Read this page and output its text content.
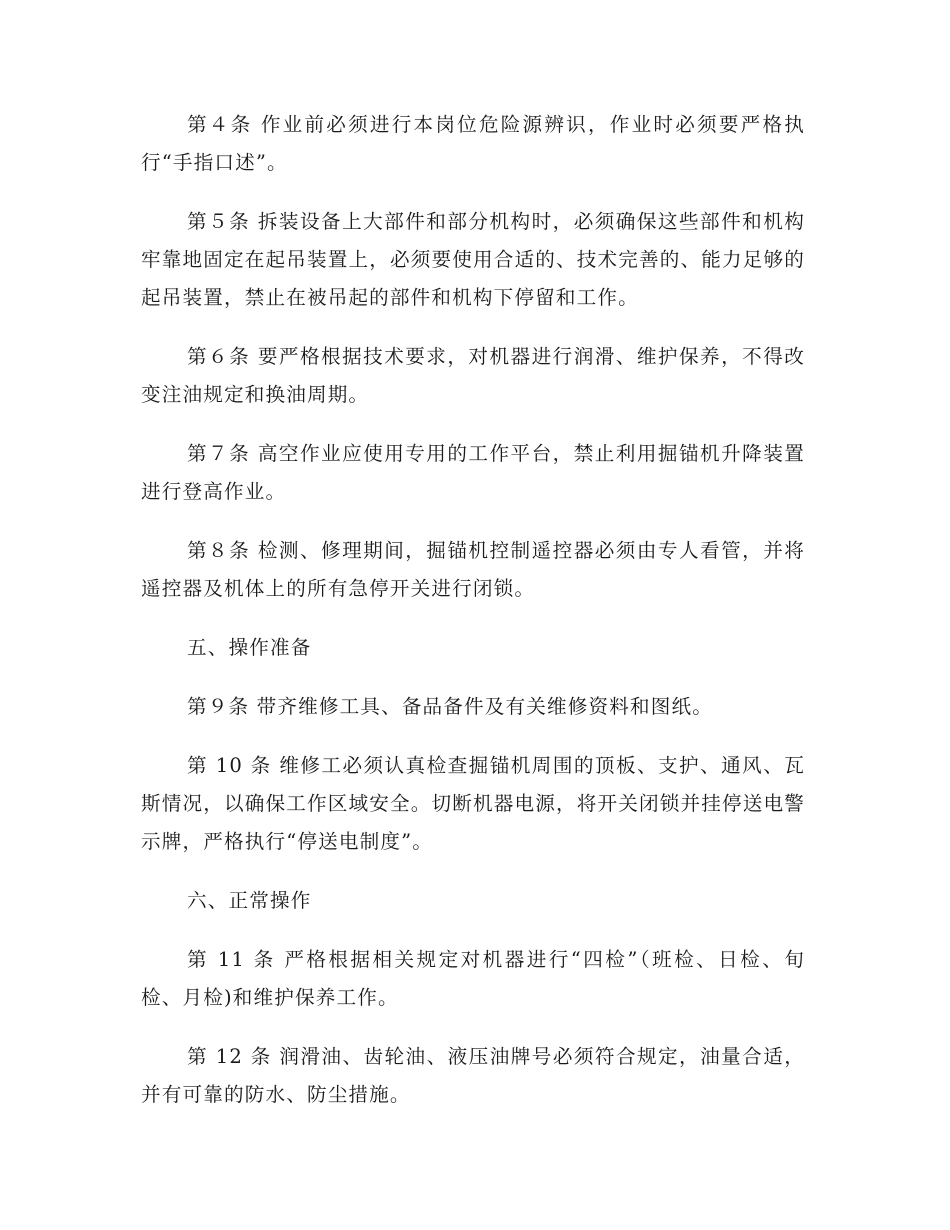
第４条 作业前必须进行本岗位危险源辨识，作业时必须要严格执行“手指口述”。

第５条 拆装设备上大部件和部分机构时，必须确保这些部件和机构牢靠地固定在起吊装置上，必须要使用合适的、技术完善的、能力足够的起吊装置，禁止在被吊起的部件和机构下停留和工作。

第６条 要严格根据技术要求，对机器进行润滑、维护保养，不得改变注油规定和换油周期。

第７条 高空作业应使用专用的工作平台，禁止利用掘锚机升降装置进行登高作业。

第８条 检测、修理期间，掘锚机控制遥控器必须由专人看管，并将遥控器及机体上的所有急停开关进行闭锁。

五、操作准备

第９条 带齐维修工具、备品备件及有关维修资料和图纸。

第 10 条 维修工必须认真检查掘锚机周围的顶板、支护、通风、瓦斯情况，以确保工作区域安全。切断机器电源，将开关闭锁并挂停送电警示牌，严格执行“停送电制度”。

六、正常操作

第 11 条 严格根据相关规定对机器进行“四检”（班检、日检、旬检、月检)和维护保养工作。

第 12 条 润滑油、齿轮油、液压油牌号必须符合规定，油量合适，并有可靠的防水、防尘措施。
